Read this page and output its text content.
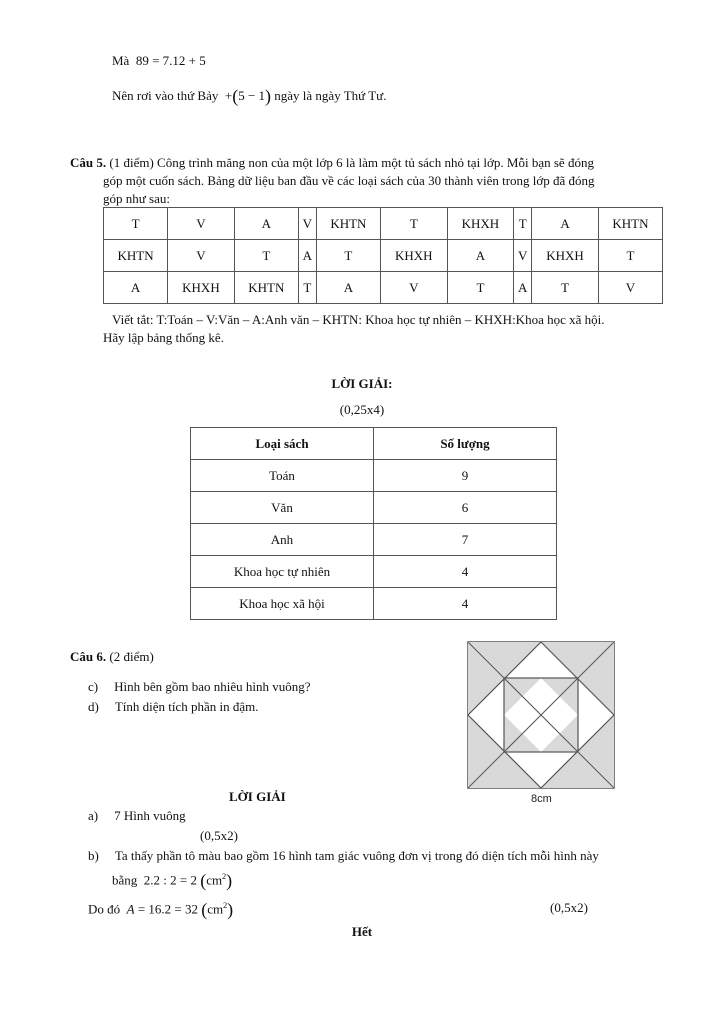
Mà 89 = 7.12 + 5
Nên rơi vào thứ Bảy +(5 − 1) ngày là ngày Thứ Tư.
Câu 5. (1 điểm) Công trình măng non của một lớp 6 là làm một tủ sách nhỏ tại lớp. Mỗi bạn sẽ đóng
góp một cuốn sách. Bảng dữ liệu ban đầu về các loại sách của 30 thành viên trong lớp đã đóng
góp như sau:
T	V	A	V	KHTN	T	KHXH	T	A	KHTN
KHTN	V	T	A	T	KHXH	A	V	KHXH	T
A	KHXH	KHTN	T	A	V	T	A	T	V
Viết tắt: T:Toán – V:Văn – A:Anh văn – KHTN: Khoa học tự nhiên – KHXH:Khoa học xã hội.
Hãy lập bảng thống kê.
LỜI GIẢI:
(0,25x4)
Loại sách	Số lượng
Toán	9
Văn	6
Anh	7
Khoa học tự nhiên	4
Khoa học xã hội	4
Câu 6. (2 điểm)
c) Hình bên gồm bao nhiêu hình vuông?
d) Tính diện tích phần in đậm.
8cm
LỜI GIẢI
a) 7 Hình vuông
(0,5x2)
b) Ta thấy phần tô màu bao gồm 16 hình tam giác vuông đơn vị trong đó diện tích mỗi hình này
bằng 2.2 : 2 = 2 $(cm^2)$
Do đó A = 16.2 = 32 $(cm^2)$	(0,5x2)
Hết
